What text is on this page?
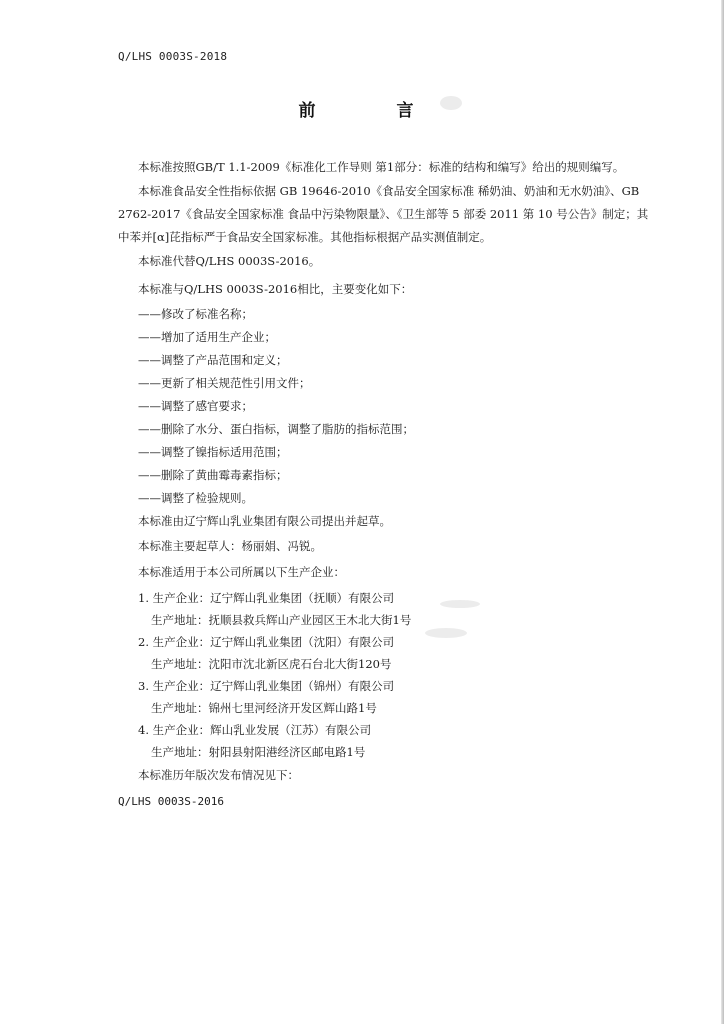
Q/LHS 0003S-2018
前　言
本标准按照GB/T 1.1-2009《标准化工作导则 第1部分：标准的结构和编写》给出的规则编写。
本标准食品安全性指标依据 GB 19646-2010《食品安全国家标准 稀奶油、奶油和无水奶油》、GB
2762-2017《食品安全国家标准 食品中污染物限量》、《卫生部等 5 部委 2011 第 10 号公告》制定；其
中苯并[α]芘指标严于食品安全国家标准。其他指标根据产品实测值制定。
本标准代替Q/LHS 0003S-2016。
本标准与Q/LHS 0003S-2016相比，主要变化如下：
——修改了标准名称；
——增加了适用生产企业；
——调整了产品范围和定义；
——更新了相关规范性引用文件；
——调整了感官要求；
——删除了水分、蛋白指标，调整了脂肪的指标范围；
——调整了镍指标适用范围；
——删除了黄曲霉毒素指标；
——调整了检验规则。
本标准由辽宁辉山乳业集团有限公司提出并起草。
本标准主要起草人：杨丽娟、冯锐。
本标准适用于本公司所属以下生产企业：
1. 生产企业：辽宁辉山乳业集团（抚顺）有限公司
生产地址：抚顺县救兵辉山产业园区王木北大街1号
2. 生产企业：辽宁辉山乳业集团（沈阳）有限公司
生产地址：沈阳市沈北新区虎石台北大街120号
3. 生产企业：辽宁辉山乳业集团（锦州）有限公司
生产地址：锦州七里河经济开发区辉山路1号
4. 生产企业：辉山乳业发展（江苏）有限公司
生产地址：射阳县射阳港经济区邮电路1号
本标准历年版次发布情况见下：
Q/LHS 0003S-2016
